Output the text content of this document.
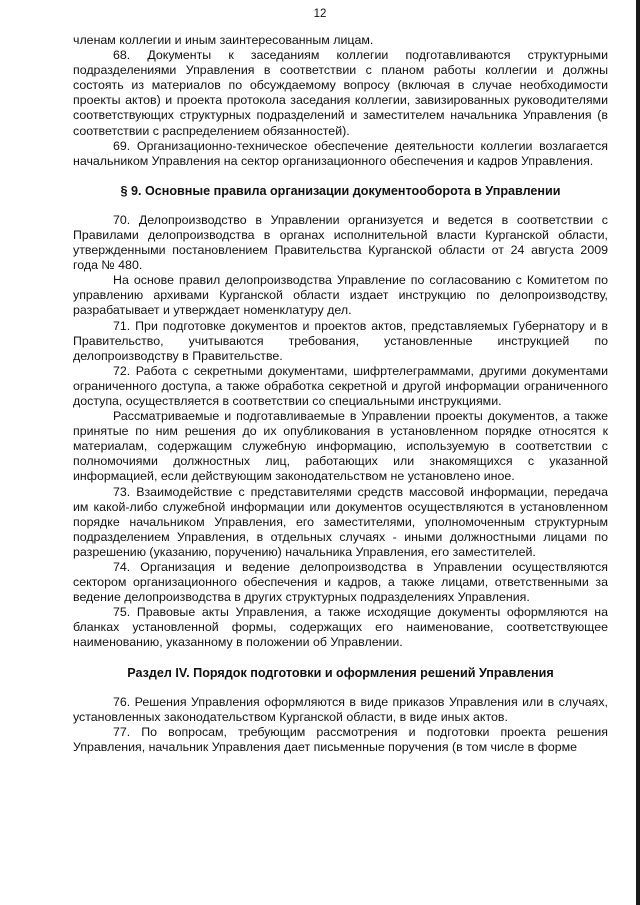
12

членам коллегии и иным заинтересованным лицам.

68. Документы к заседаниям коллегии подготавливаются структурными подразделениями Управления в соответствии с планом работы коллегии и должны состоять из материалов по обсуждаемому вопросу (включая в случае необходимости проекты актов) и проекта протокола заседания коллегии, завизированных руководителями соответствующих структурных подразделений и заместителем начальника Управления (в соответствии с распределением обязанностей).

69. Организационно-техническое обеспечение деятельности коллегии возлагается начальником Управления на сектор организационного обеспечения и кадров Управления.

§ 9. Основные правила организации документооборота в Управлении

70. Делопроизводство в Управлении организуется и ведется в соответствии с Правилами делопроизводства в органах исполнительной власти Курганской области, утвержденными постановлением Правительства Курганской области от 24 августа 2009 года № 480.

На основе правил делопроизводства Управление по согласованию с Комитетом по управлению архивами Курганской области издает инструкцию по делопроизводству, разрабатывает и утверждает номенклатуру дел.

71. При подготовке документов и проектов актов, представляемых Губернатору и в Правительство, учитываются требования, установленные инструкцией по делопроизводству в Правительстве.

72. Работа с секретными документами, шифртелеграммами, другими документами ограниченного доступа, а также обработка секретной и другой информации ограниченного доступа, осуществляется в соответствии со специальными инструкциями.

Рассматриваемые и подготавливаемые в Управлении проекты документов, а также принятые по ним решения до их опубликования в установленном порядке относятся к материалам, содержащим служебную информацию, используемую в соответствии с полномочиями должностных лиц, работающих или знакомящихся с указанной информацией, если действующим законодательством не установлено иное.

73. Взаимодействие с представителями средств массовой информации, передача им какой-либо служебной информации или документов осуществляются в установленном порядке начальником Управления, его заместителями, уполномоченным структурным подразделением Управления, в отдельных случаях - иными должностными лицами по разрешению (указанию, поручению) начальника Управления, его заместителей.

74. Организация и ведение делопроизводства в Управлении осуществляются сектором организационного обеспечения и кадров, а также лицами, ответственными за ведение делопроизводства в других структурных подразделениях Управления.

75. Правовые акты Управления, а также исходящие документы оформляются на бланках установленной формы, содержащих его наименование, соответствующее наименованию, указанному в положении об Управлении.

Раздел IV. Порядок подготовки и оформления решений Управления

76. Решения Управления оформляются в виде приказов Управления или в случаях, установленных законодательством Курганской области, в виде иных актов.

77. По вопросам, требующим рассмотрения и подготовки проекта решения Управления, начальник Управления дает письменные поручения (в том числе в форме
